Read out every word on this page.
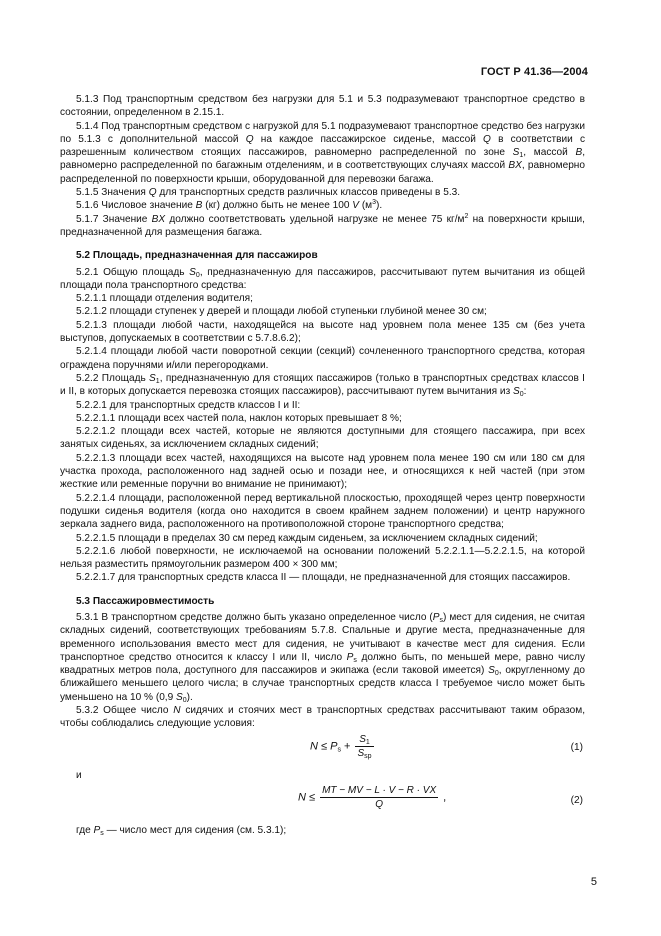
ГОСТ Р 41.36—2004

5.1.3 Под транспортным средством без нагрузки для 5.1 и 5.3 подразумевают транспортное средство в состоянии, определенном в 2.15.1.

5.1.4 Под транспортным средством с нагрузкой для 5.1 подразумевают транспортное средство без нагрузки по 5.1.3 с дополнительной массой Q на каждое пассажирское сиденье, массой Q в соответствии с разрешенным количеством стоящих пассажиров, равномерно распределенной по зоне $S_1$, массой B, равномерно распределенной по багажным отделениям, и в соответствующих случаях массой BX, равномерно распределенной по поверхности крыши, оборудованной для перевозки багажа.

5.1.5 Значения Q для транспортных средств различных классов приведены в 5.3.

5.1.6 Числовое значение B (кг) должно быть не менее 100 V $(м^3)$.

5.1.7 Значение BX должно соответствовать удельной нагрузке не менее 75 $кг/м^2$ на поверхности крыши, предназначенной для размещения багажа.

5.2 Площадь, предназначенная для пассажиров

5.2.1 Общую площадь $S_0$, предназначенную для пассажиров, рассчитывают путем вычитания из общей площади пола транспортного средства:

5.2.1.1 площади отделения водителя;

5.2.1.2 площади ступенек у дверей и площади любой ступеньки глубиной менее 30 см;

5.2.1.3 площади любой части, находящейся на высоте над уровнем пола менее 135 см (без учета выступов, допускаемых в соответствии с 5.7.8.6.2);

5.2.1.4 площади любой части поворотной секции (секций) сочлененного транспортного средства, которая ограждена поручнями и/или перегородками.

5.2.2 Площадь $S_1$, предназначенную для стоящих пассажиров (только в транспортных средствах классов I и II, в которых допускается перевозка стоящих пассажиров), рассчитывают путем вычитания из $S_0$:

5.2.2.1 для транспортных средств классов I и II:

5.2.2.1.1 площади всех частей пола, наклон которых превышает 8 %;

5.2.2.1.2 площади всех частей, которые не являются доступными для стоящего пассажира, при всех занятых сиденьях, за исключением складных сидений;

5.2.2.1.3 площади всех частей, находящихся на высоте над уровнем пола менее 190 см или 180 см для участка прохода, расположенного над задней осью и позади нее, и относящихся к ней частей (при этом жесткие или ременные поручни во внимание не принимают);

5.2.2.1.4 площади, расположенной перед вертикальной плоскостью, проходящей через центр поверхности подушки сиденья водителя (когда оно находится в своем крайнем заднем положении) и центр наружного зеркала заднего вида, расположенного на противоположной стороне транспортного средства;

5.2.2.1.5 площади в пределах 30 см перед каждым сиденьем, за исключением складных сидений;

5.2.2.1.6 любой поверхности, не исключаемой на основании положений 5.2.2.1.1—5.2.2.1.5, на которой нельзя разместить прямоугольник размером 400 × 300 мм;

5.2.2.1.7 для транспортных средств класса II — площади, не предназначенной для стоящих пассажиров.

5.3 Пассажировместимость

5.3.1 В транспортном средстве должно быть указано определенное число $(P_s)$ мест для сидения, не считая складных сидений, соответствующих требованиям 5.7.8. Спальные и другие места, предназначенные для временного использования вместо мест для сидения, не учитывают в качестве мест для сидения. Если транспортное средство относится к классу I или II, число $P_s$ должно быть, по меньшей мере, равно числу квадратных метров пола, доступного для пассажиров и экипажа (если таковой имеется) $S_0$, округленному до ближайшего меньшего целого числа; в случае транспортных средств класса I требуемое число может быть уменьшено на 10 % (0,9 $S_0$).

5.3.2 Общее число N сидячих и стоячих мест в транспортных средствах рассчитывают таким образом, чтобы соблюдались следующие условия:

$N \le P_s + \frac{S_1}{S_{sp}}$	(1)

и

$N \le \frac{MT - MV - L \cdot V - R \cdot VX}{Q}$ ,	(2)

где $P_s$ — число мест для сидения (см. 5.3.1);

5
